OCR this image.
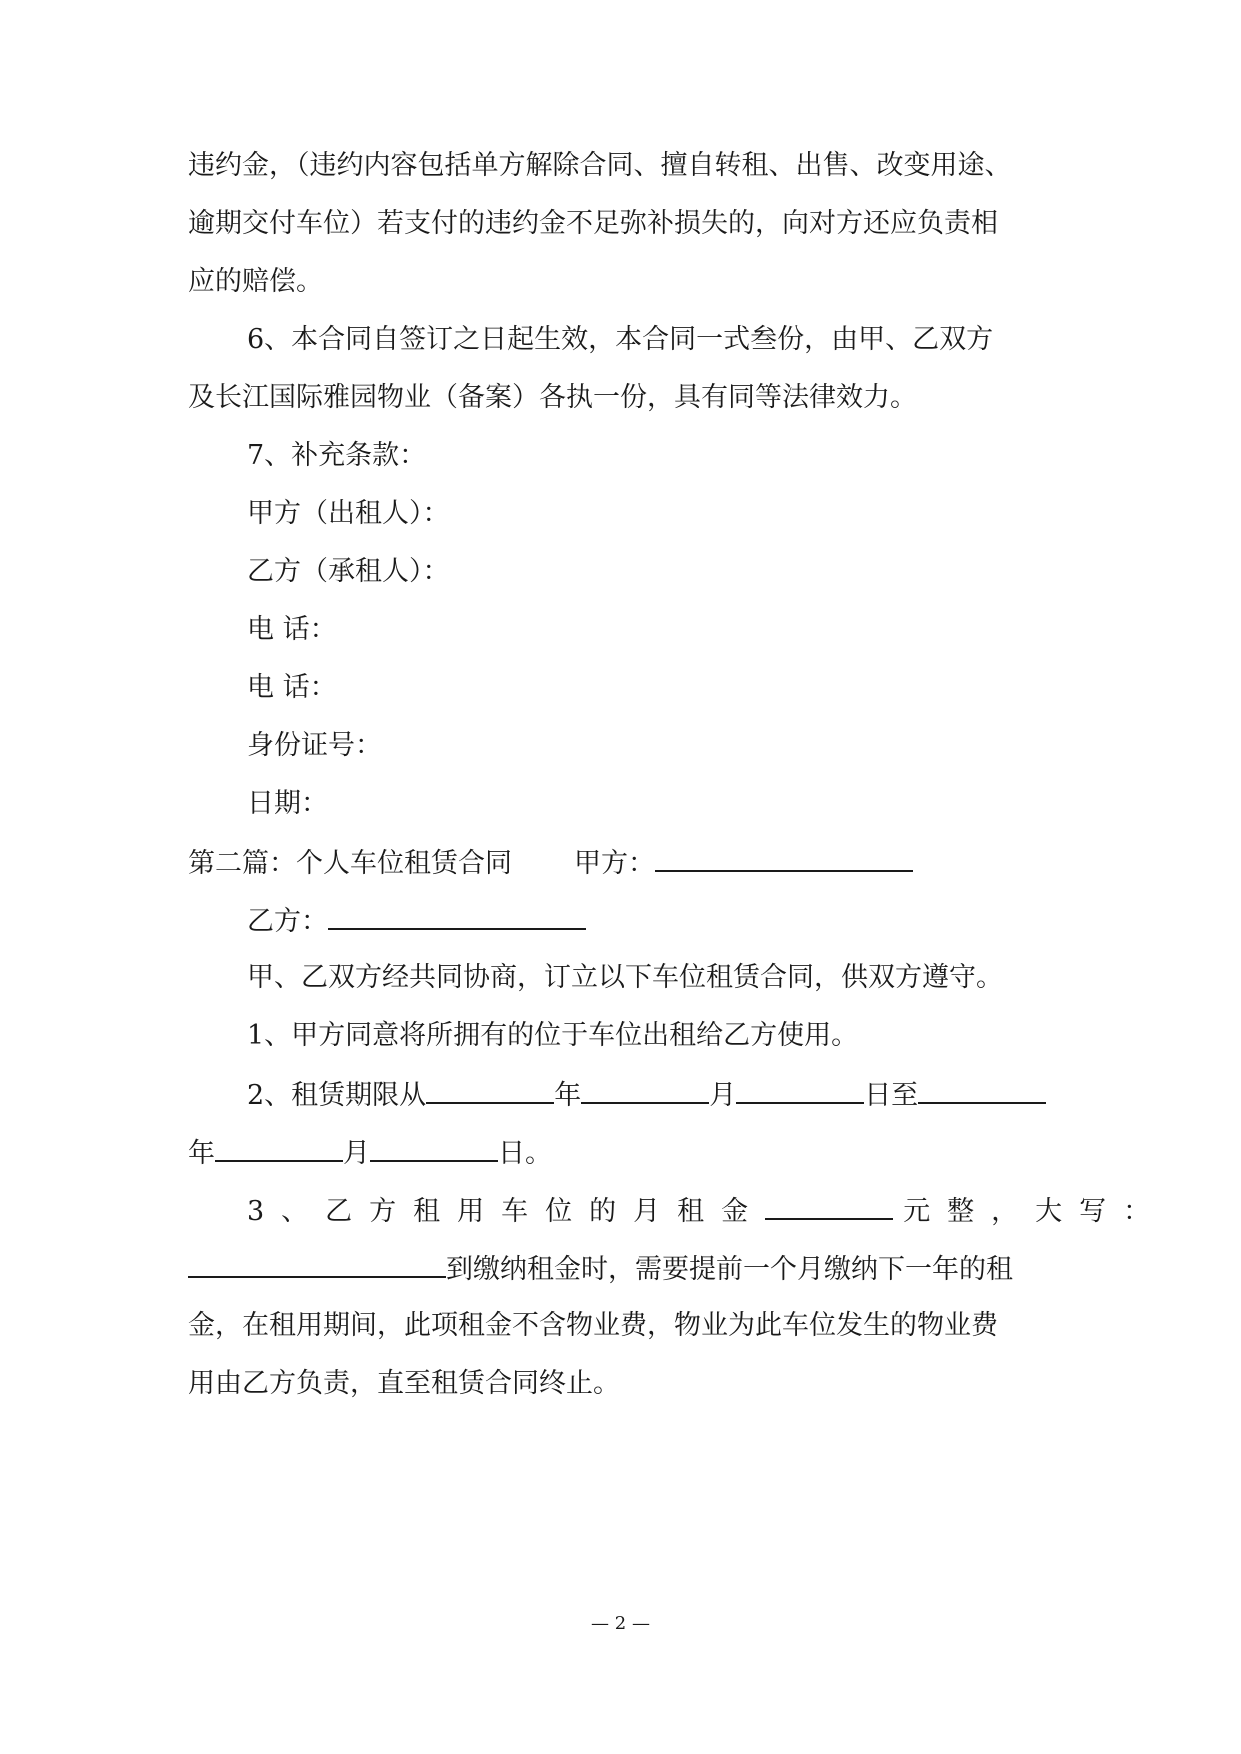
违约金，（违约内容包括单方解除合同、擅自转租、出售、改变用途、
逾期交付车位）若支付的违约金不足弥补损失的，向对方还应负责相
应的赔偿。
6、本合同自签订之日起生效，本合同一式叁份，由甲、乙双方
及长江国际雅园物业（备案）各执一份，具有同等法律效力。
7、补充条款：
甲方（出租人）：
乙方（承租人）：
电 话：
电 话：
身份证号：
日期：
第二篇：个人车位租赁合同 甲方：
乙方：
甲、乙双方经共同协商，订立以下车位租赁合同，供双方遵守。
1、甲方同意将所拥有的位于车位出租给乙方使用。
2、租赁期限从	年	月	日至
年	月	日。
3、乙方租用车位的月租金	元整，大写：
到缴纳租金时，需要提前一个月缴纳下一年的租
金，在租用期间，此项租金不含物业费，物业为此车位发生的物业费
用由乙方负责，直至租赁合同终止。
— 2 —
